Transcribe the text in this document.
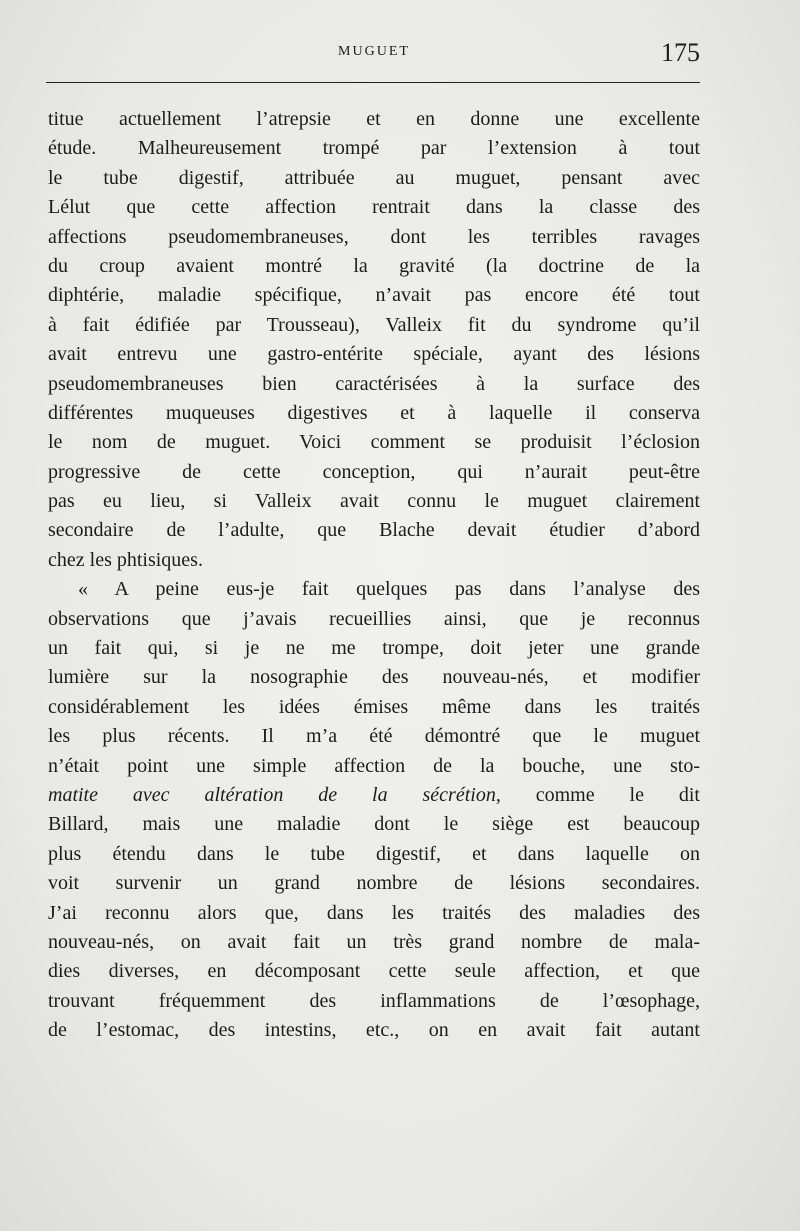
MUGUET	175
titue actuellement l’atrepsie et en donne une excellente
étude. Malheureusement trompé par l’extension à tout
le tube digestif, attribuée au muguet, pensant avec
Lélut que cette affection rentrait dans la classe des
affections pseudomembraneuses, dont les terribles ravages
du croup avaient montré la gravité (la doctrine de la
diphtérie, maladie spécifique, n’avait pas encore été tout
à fait édifiée par Trousseau), Valleix fit du syndrome qu’il
avait entrevu une gastro-entérite spéciale, ayant des lésions
pseudomembraneuses bien caractérisées à la surface des
différentes muqueuses digestives et à laquelle il conserva
le nom de muguet. Voici comment se produisit l’éclosion
progressive de cette conception, qui n’aurait peut-être
pas eu lieu, si Valleix avait connu le muguet clairement
secondaire de l’adulte, que Blache devait étudier d’abord
chez les phtisiques.
« A peine eus-je fait quelques pas dans l’analyse des
observations que j’avais recueillies ainsi, que je reconnus
un fait qui, si je ne me trompe, doit jeter une grande
lumière sur la nosographie des nouveau-nés, et modifier
considérablement les idées émises même dans les traités
les plus récents. Il m’a été démontré que le muguet
n’était point une simple affection de la bouche, une sto-
matite avec altération de la sécrétion, comme le dit
Billard, mais une maladie dont le siège est beaucoup
plus étendu dans le tube digestif, et dans laquelle on
voit survenir un grand nombre de lésions secondaires.
J’ai reconnu alors que, dans les traités des maladies des
nouveau-nés, on avait fait un très grand nombre de mala-
dies diverses, en décomposant cette seule affection, et que
trouvant fréquemment des inflammations de l’œsophage,
de l’estomac, des intestins, etc., on en avait fait autant
